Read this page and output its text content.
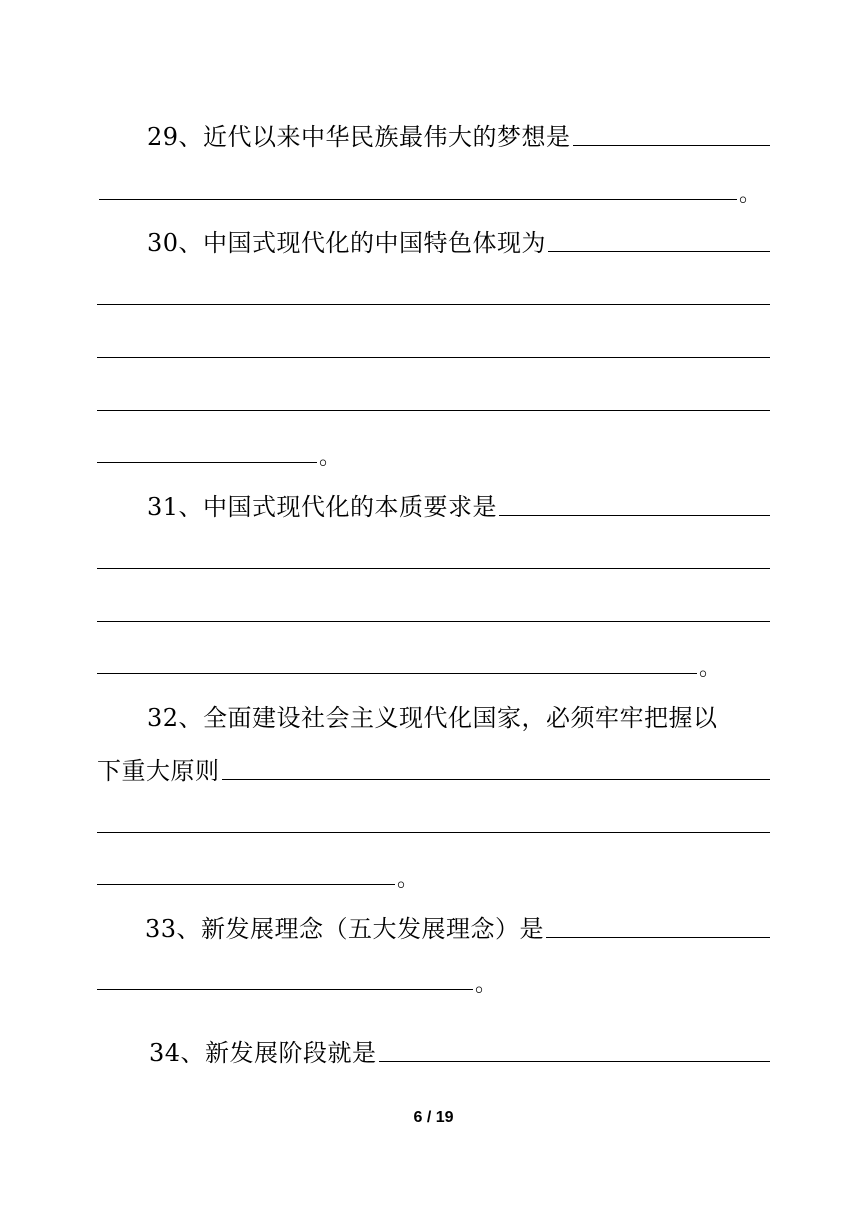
29、近代以来中华民族最伟大的梦想是
。
30、中国式现代化的中国特色体现为
。
31、中国式现代化的本质要求是
。
32、全面建设社会主义现代化国家，必须牢牢把握以
下重大原则
。
33、新发展理念（五大发展理念）是
。
34、新发展阶段就是
6 / 19
